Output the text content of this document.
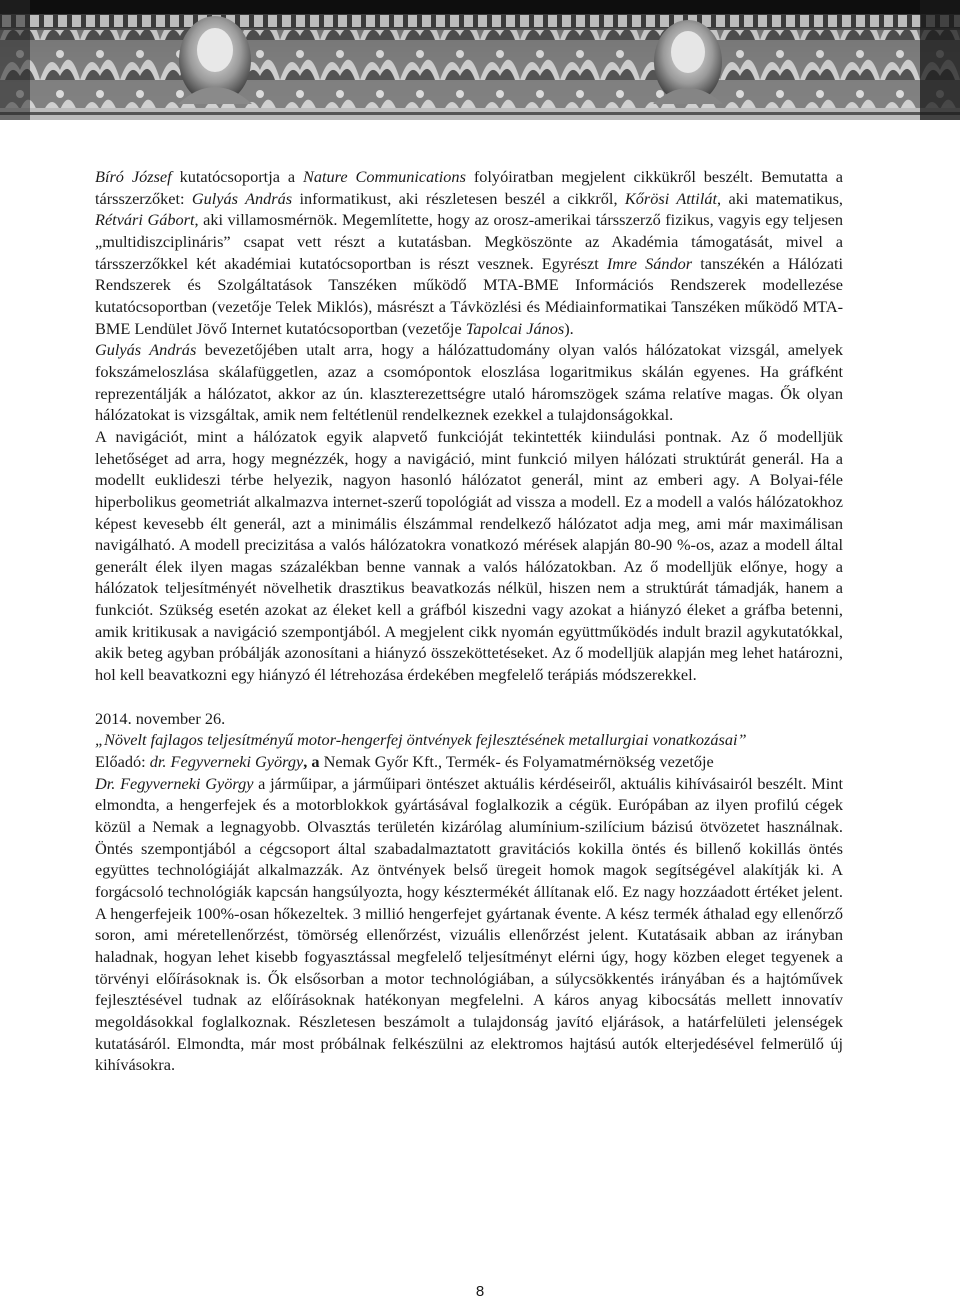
Bíró József kutatócsoportja a Nature Communications folyóiratban megjelent cikkükről beszélt. Bemutatta a társszerzőket: Gulyás András informatikust, aki részletesen beszél a cikkről, Kőrösi Attilát, aki matematikus, Rétvári Gábort, aki villamosmérnök. Megemlítette, hogy az orosz-amerikai társszerző fizikus, vagyis egy teljesen „multidiszciplináris” csapat vett részt a kutatásban. Megköszönte az Akadémia támogatását, mivel a társszerzőkkel két akadémiai kutatócsoportban is részt vesznek. Egyrészt Imre Sándor tanszékén a Hálózati Rendszerek és Szolgáltatások Tanszéken működő MTA-BME Információs Rendszerek modellezése kutatócsoportban (vezetője Telek Miklós), másrészt a Távközlési és Médiainformatikai Tanszéken működő MTA-BME Lendület Jövő Internet kutatócsoportban (vezetője Tapolcai János).

Gulyás András bevezetőjében utalt arra, hogy a hálózattudomány olyan valós hálózatokat vizsgál, amelyek fokszámeloszlása skálafüggetlen, azaz a csomópontok eloszlása logaritmikus skálán egyenes. Ha gráfként reprezentálják a hálózatot, akkor az ún. klaszterezettségre utaló háromszögek száma relatíve magas. Ők olyan hálózatokat is vizsgáltak, amik nem feltétlenül rendelkeznek ezekkel a tulajdonságokkal.

A navigációt, mint a hálózatok egyik alapvető funkcióját tekintették kiindulási pontnak. Az ő modelljük lehetőséget ad arra, hogy megnézzék, hogy a navigáció, mint funkció milyen hálózati struktúrát generál. Ha a modellt euklideszi térbe helyezik, nagyon hasonló hálózatot generál, mint az emberi agy. A Bolyai-féle hiperbolikus geometriát alkalmazva internet-szerű topológiát ad vissza a modell. Ez a modell a valós hálózatokhoz képest kevesebb élt generál, azt a minimális élszámmal rendelkező hálózatot adja meg, ami már maximálisan navigálható. A modell precizitása a valós hálózatokra vonatkozó mérések alapján 80-90 %-os, azaz a modell által generált élek ilyen magas százalékban benne vannak a valós hálózatokban. Az ő modelljük előnye, hogy a hálózatok teljesítményét növelhetik drasztikus beavatkozás nélkül, hiszen nem a struktúrát támadják, hanem a funkciót. Szükség esetén azokat az éleket kell a gráfból kiszedni vagy azokat a hiányzó éleket a gráfba betenni, amik kritikusak a navigáció szempontjából. A megjelent cikk nyomán együttműködés indult brazil agykutatókkal, akik beteg agyban próbálják azonosítani a hiányzó összeköttetéseket. Az ő modelljük alapján meg lehet határozni, hol kell beavatkozni egy hiányzó él létrehozása érdekében megfelelő terápiás módszerekkel.

2014. november 26.

„Növelt fajlagos teljesítményű motor-hengerfej öntvények fejlesztésének metallurgiai vonatkozásai”

Előadó: dr. Fegyverneki György, a Nemak Győr Kft., Termék- és Folyamatmérnökség vezetője

Dr. Fegyverneki György a járműipar, a járműipari öntészet aktuális kérdéseiről, aktuális kihívásairól beszélt. Mint elmondta, a hengerfejek és a motorblokkok gyártásával foglalkozik a cégük. Európában az ilyen profilú cégek közül a Nemak a legnagyobb. Olvasztás területén kizárólag alumínium-szilícium bázisú ötvözetet használnak. Öntés szempontjából a cégcsoport által szabadalmaztatott gravitációs kokilla öntés és billenő kokillás öntés együttes technológiáját alkalmazzák. Az öntvények belső üregeit homok magok segítségével alakítják ki. A forgácsoló technológiák kapcsán hangsúlyozta, hogy késztermékét állítanak elő. Ez nagy hozzáadott értéket jelent. A hengerfejeik 100%-osan hőkezeltek. 3 millió hengerfejet gyártanak évente. A kész termék áthalad egy ellenőrző soron, ami méretellenőrzést, tömörség ellenőrzést, vizuális ellenőrzést jelent. Kutatásaik abban az irányban haladnak, hogyan lehet kisebb fogyasztással megfelelő teljesítményt elérni úgy, hogy közben eleget tegyenek a törvényi előírásoknak is. Ők elsősorban a motor technológiában, a súlycsökkentés irányában és a hajtóművek fejlesztésével tudnak az előírásoknak hatékonyan megfelelni. A káros anyag kibocsátás mellett innovatív megoldásokkal foglalkoznak. Részletesen beszámolt a tulajdonság javító eljárások, a határfelületi jelenségek kutatásáról. Elmondta, már most próbálnak felkészülni az elektromos hajtású autók elterjedésével felmerülő új kihívásokra.

8
